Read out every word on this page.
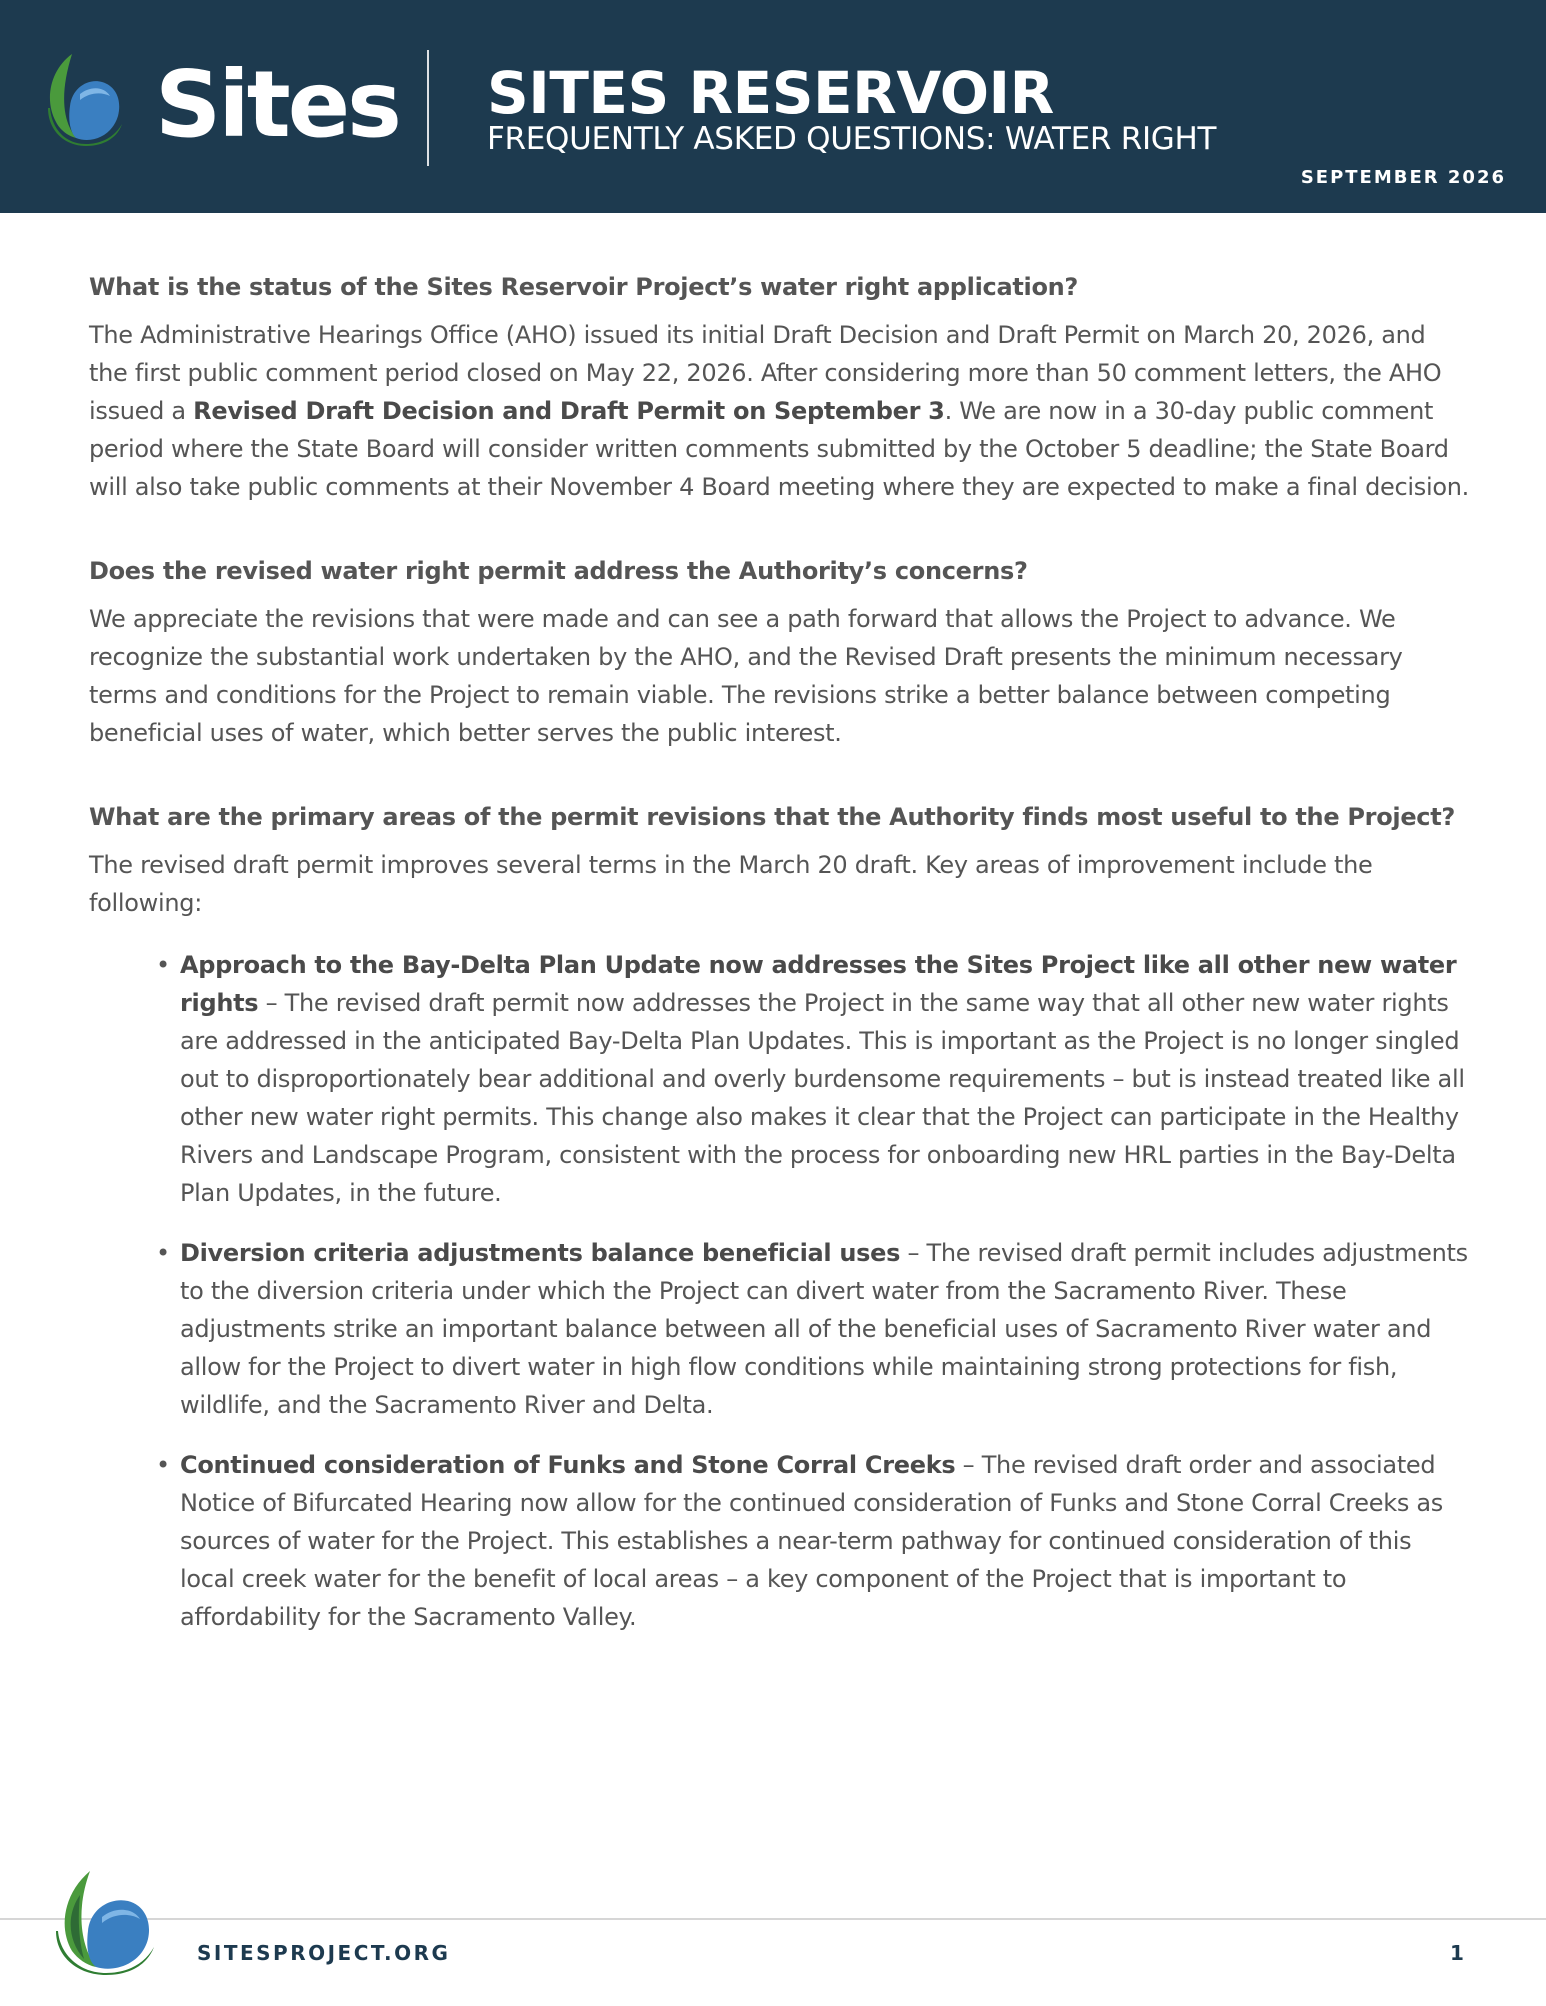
Sites SITES RESERVOIR
FREQUENTLY ASKED QUESTIONS: WATER RIGHT
SEPTEMBER 2026
What is the status of the Sites Reservoir Project’s water right application?

The Administrative Hearings Office (AHO) issued its initial Draft Decision and Draft Permit on March 20, 2026, and the first public comment period closed on May 22, 2026. After considering more than 50 comment letters, the AHO issued a Revised Draft Decision and Draft Permit on September 3. We are now in a 30-day public comment period where the State Board will consider written comments submitted by the October 5 deadline; the State Board will also take public comments at their November 4 Board meeting where they are expected to make a final decision.

Does the revised water right permit address the Authority’s concerns?

We appreciate the revisions that were made and can see a path forward that allows the Project to advance. We recognize the substantial work undertaken by the AHO, and the Revised Draft presents the minimum necessary terms and conditions for the Project to remain viable. The revisions strike a better balance between competing beneficial uses of water, which better serves the public interest.

What are the primary areas of the permit revisions that the Authority finds most useful to the Project?

The revised draft permit improves several terms in the March 20 draft. Key areas of improvement include the following:

• Approach to the Bay-Delta Plan Update now addresses the Sites Project like all other new water rights – The revised draft permit now addresses the Project in the same way that all other new water rights are addressed in the anticipated Bay-Delta Plan Updates. This is important as the Project is no longer singled out to disproportionately bear additional and overly burdensome requirements – but is instead treated like all other new water right permits. This change also makes it clear that the Project can participate in the Healthy Rivers and Landscape Program, consistent with the process for onboarding new HRL parties in the Bay-Delta Plan Updates, in the future.
• Diversion criteria adjustments balance beneficial uses – The revised draft permit includes adjustments to the diversion criteria under which the Project can divert water from the Sacramento River. These adjustments strike an important balance between all of the beneficial uses of Sacramento River water and allow for the Project to divert water in high flow conditions while maintaining strong protections for fish, wildlife, and the Sacramento River and Delta.
• Continued consideration of Funks and Stone Corral Creeks – The revised draft order and associated Notice of Bifurcated Hearing now allow for the continued consideration of Funks and Stone Corral Creeks as sources of water for the Project. This establishes a near-term pathway for continued consideration of this local creek water for the benefit of local areas – a key component of the Project that is important to affordability for the Sacramento Valley.
SITESPROJECT.ORG	1
